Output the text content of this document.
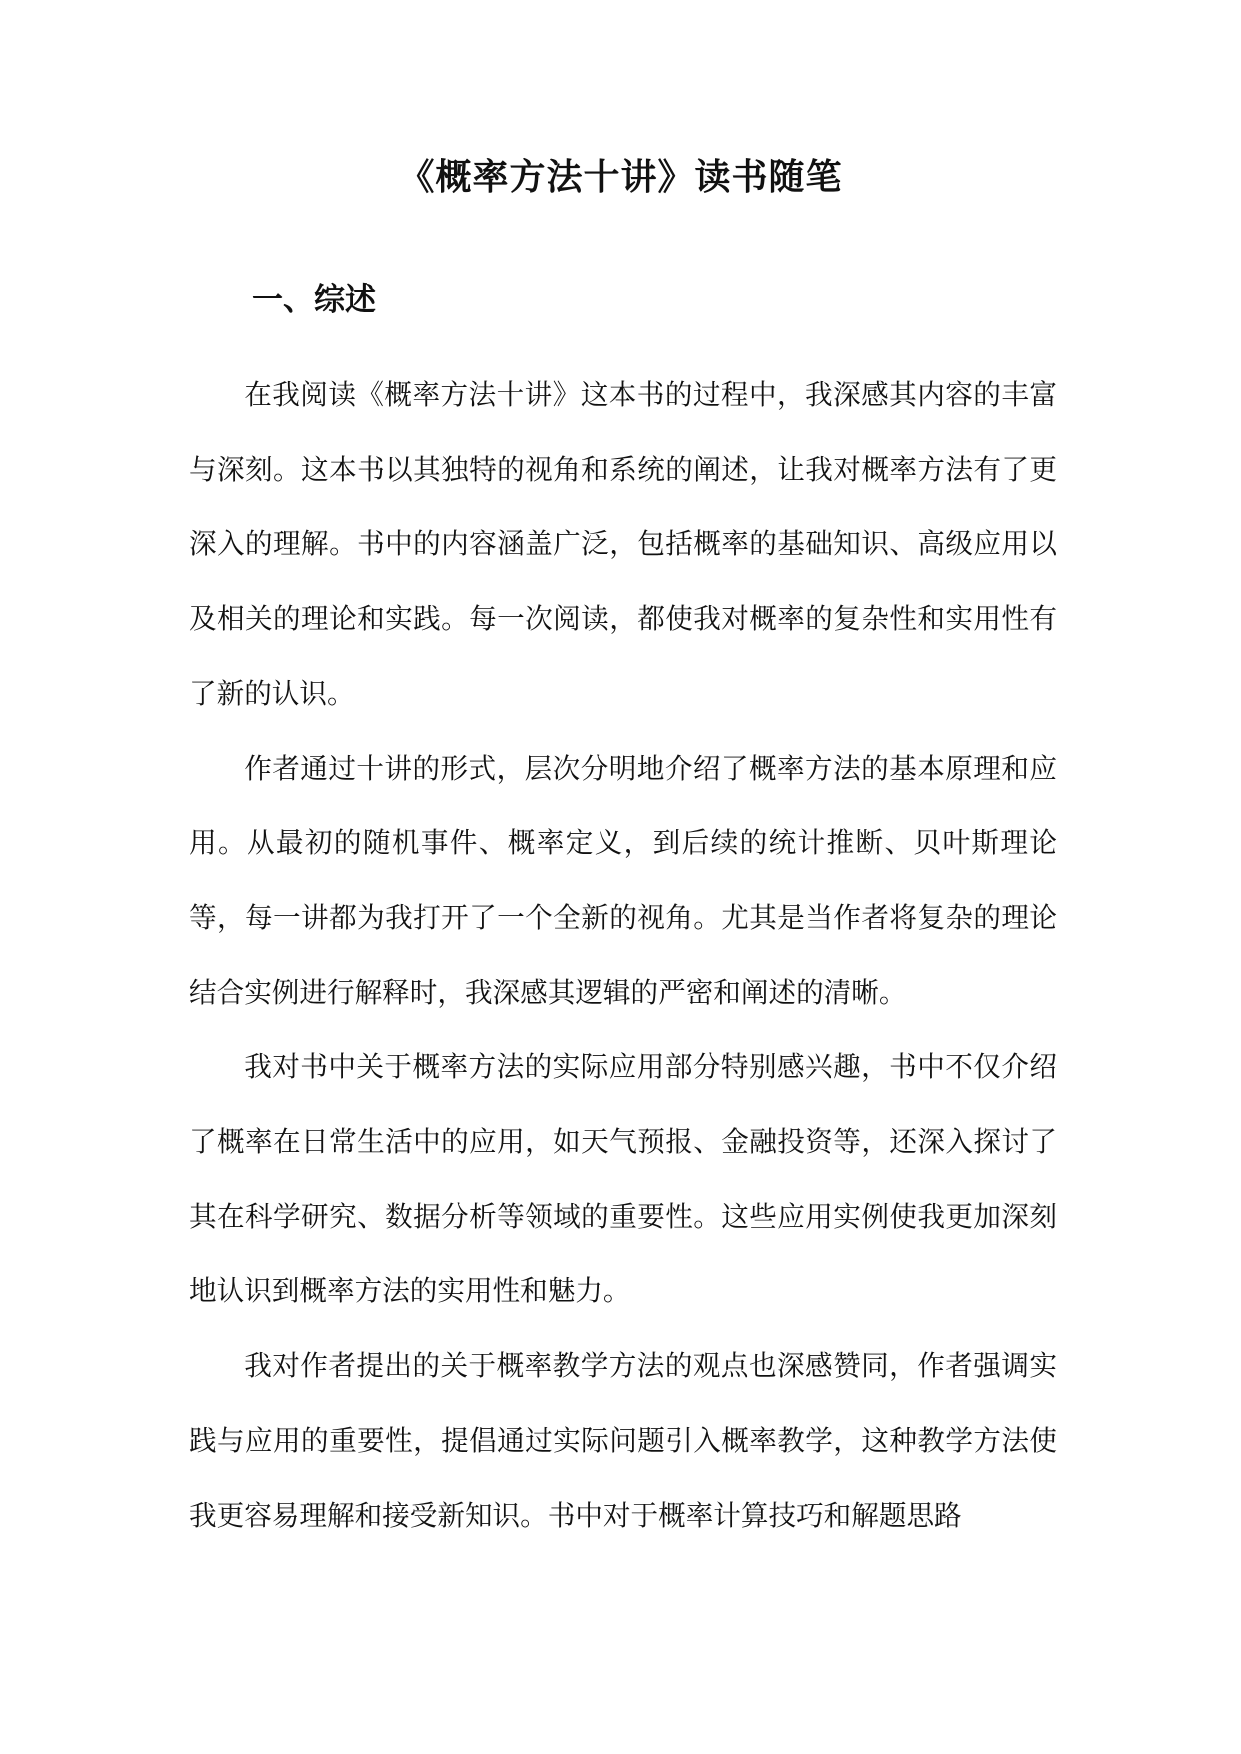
《概率方法十讲》读书随笔
一、综述

在我阅读《概率方法十讲》这本书的过程中，我深感其内容的丰富与深刻。这本书以其独特的视角和系统的阐述，让我对概率方法有了更深入的理解。书中的内容涵盖广泛，包括概率的基础知识、高级应用以及相关的理论和实践。每一次阅读，都使我对概率的复杂性和实用性有了新的认识。

作者通过十讲的形式，层次分明地介绍了概率方法的基本原理和应用。从最初的随机事件、概率定义，到后续的统计推断、贝叶斯理论等，每一讲都为我打开了一个全新的视角。尤其是当作者将复杂的理论结合实例进行解释时，我深感其逻辑的严密和阐述的清晰。

我对书中关于概率方法的实际应用部分特别感兴趣，书中不仅介绍了概率在日常生活中的应用，如天气预报、金融投资等，还深入探讨了其在科学研究、数据分析等领域的重要性。这些应用实例使我更加深刻地认识到概率方法的实用性和魅力。

我对作者提出的关于概率教学方法的观点也深感赞同，作者强调实践与应用的重要性，提倡通过实际问题引入概率教学，这种教学方法使我更容易理解和接受新知识。书中对于概率计算技巧和解题思路
